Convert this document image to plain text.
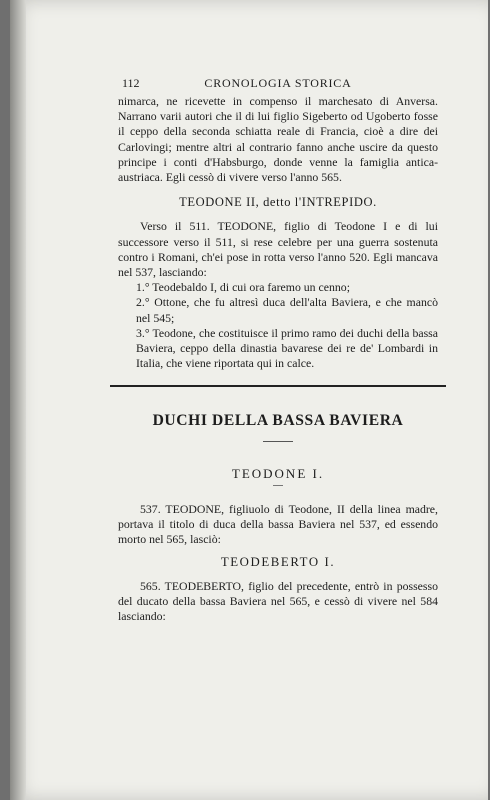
112	CRONOLOGIA STORICA

nimarca, ne ricevette in compenso il marchesato di Anversa. Narrano varii autori che il di lui figlio Sigeberto od Ugoberto fosse il ceppo della seconda schiatta reale di Francia, cioè a dire dei Carlovingi; mentre altri al contrario fanno anche uscire da questo principe i conti d'Habsburgo, donde venne la famiglia antica-austriaca. Egli cessò di vivere verso l'anno 565.

TEODONE II, detto l'INTREPIDO.

Verso il 511. TEODONE, figlio di Teodone I e di lui successore verso il 511, si rese celebre per una guerra sostenuta contro i Romani, ch'ei pose in rotta verso l'anno 520. Egli mancava nel 537, lasciando:

1.° Teodebaldo I, di cui ora faremo un cenno;

2.° Ottone, che fu altresì duca dell'alta Baviera, e che mancò nel 545;

3.° Teodone, che costituisce il primo ramo dei duchi della bassa Baviera, ceppo della dinastia bavarese dei re de' Lombardi in Italia, che viene riportata qui in calce.

DUCHI DELLA BASSA BAVIERA
TEODONE I.

537. TEODONE, figliuolo di Teodone, II della linea madre, portava il titolo di duca della bassa Baviera nel 537, ed essendo morto nel 565, lasciò:

TEODEBERTO I.

565. TEODEBERTO, figlio del precedente, entrò in possesso del ducato della bassa Baviera nel 565, e cessò di vivere nel 584 lasciando:
